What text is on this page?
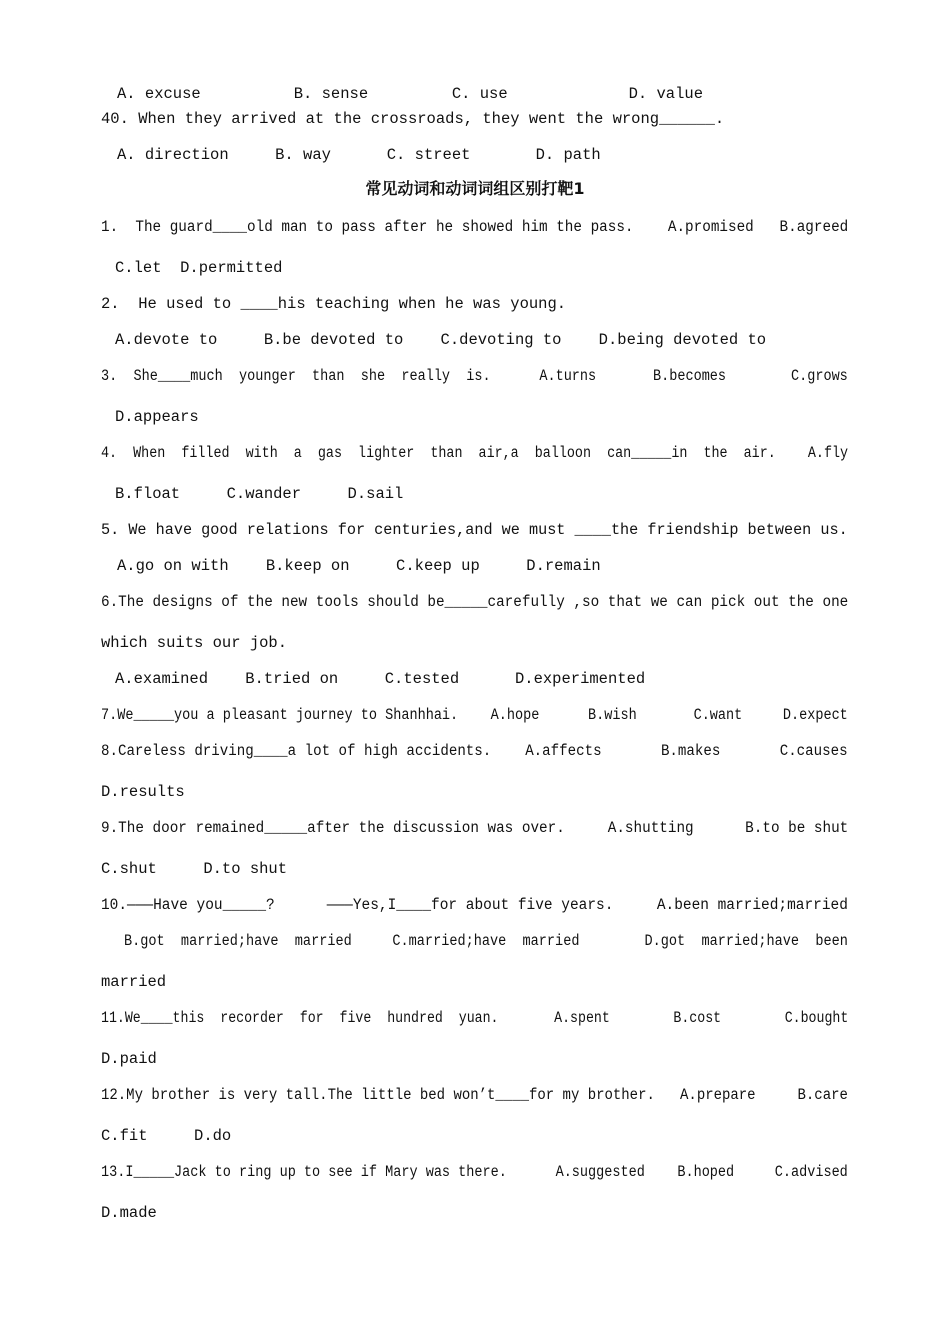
A. excuse          B. sense         C. use             D. value
40. When they arrived at the crossroads, they went the wrong______.
A. direction     B. way      C. street       D. path
常见动词和动词词组区别打靶1
1.  The guard____old man to pass after he showed him the pass.    A.promised   B.agreed
C.let  D.permitted
2.  He used to ____his teaching when he was young.
A.devote to     B.be devoted to    C.devoting to    D.being devoted to
3.  She____much  younger  than  she  really  is.      A.turns       B.becomes        C.grows
D.appears
4.  When  filled  with  a  gas  lighter  than  air,a  balloon  can_____in  the  air.    A.fly
B.float     C.wander     D.sail
5. We have good relations for centuries,and we must ____the friendship between us.
A.go on with    B.keep on     C.keep up     D.remain
6.The designs of the new tools should be_____carefully ,so that we can pick out the one
which suits our job.
A.examined    B.tried on     C.tested      D.experimented
7.We_____you a pleasant journey to Shanhhai.    A.hope      B.wish       C.want     D.expect
8.Careless driving____a lot of high accidents.    A.affects       B.makes       C.causes
D.results
9.The door remained_____after the discussion was over.     A.shutting      B.to be shut
C.shut     D.to shut
10.———Have you_____?      ———Yes,I____for about five years.     A.been married;married
B.got  married;have  married     C.married;have  married        D.got  married;have  been
married
11.We____this  recorder  for  five  hundred  yuan.       A.spent        B.cost        C.bought
D.paid
12.My brother is very tall.The little bed won’t____for my brother.   A.prepare     B.care
C.fit     D.do
13.I_____Jack to ring up to see if Mary was there.      A.suggested    B.hoped     C.advised
D.made
